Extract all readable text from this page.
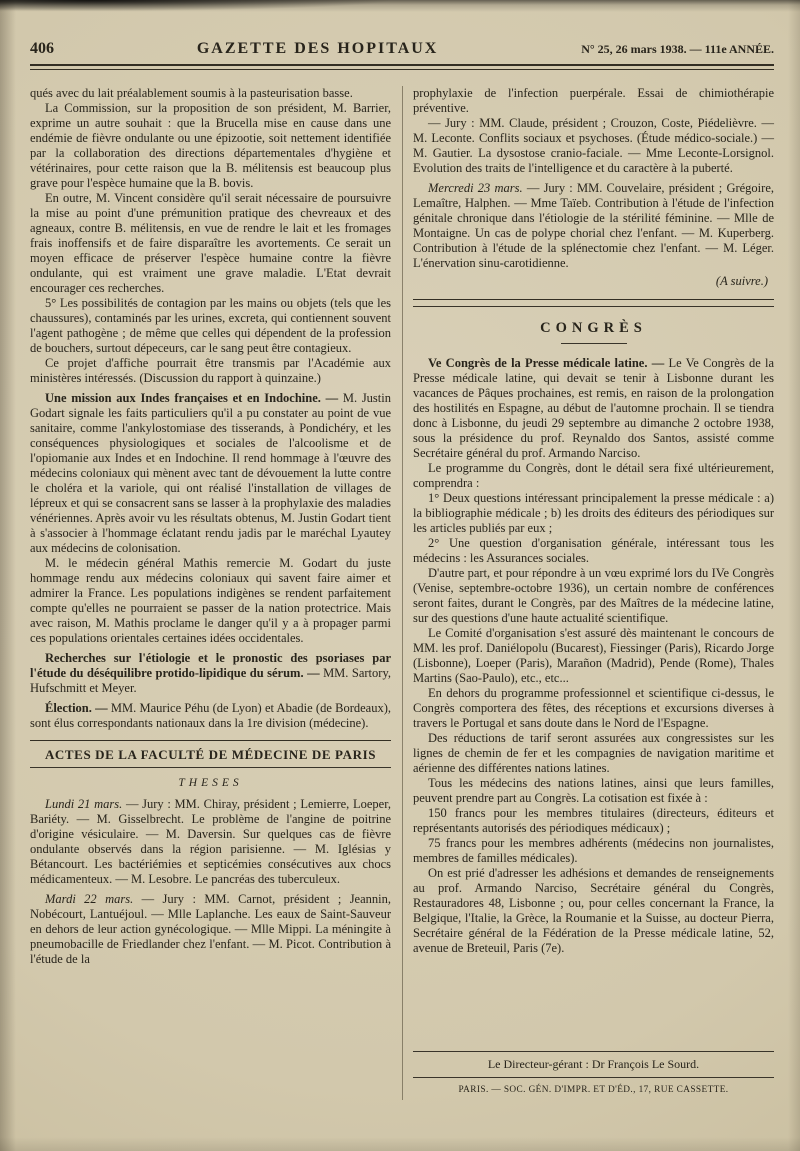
406	GAZETTE DES HOPITAUX	N° 25, 26 mars 1938. — 111e ANNÉE.

qués avec du lait préalablement soumis à la pasteurisation basse.

La Commission, sur la proposition de son président, M. Barrier, exprime un autre souhait : que la Brucella mise en cause dans une endémie de fièvre ondulante ou une épizootie, soit nettement identifiée par la collaboration des directions départementales d'hygiène et vétérinaires, pour cette raison que la B. mélitensis est beaucoup plus grave pour l'espèce humaine que la B. bovis.

En outre, M. Vincent considère qu'il serait nécessaire de poursuivre la mise au point d'une prémunition pratique des chevreaux et des agneaux, contre B. mélitensis, en vue de rendre le lait et les fromages frais inoffensifs et de faire disparaître les avortements. Ce serait un moyen efficace de préserver l'espèce humaine contre la fièvre ondulante, qui est vraiment une grave maladie. L'Etat devrait encourager ces recherches.

5° Les possibilités de contagion par les mains ou objets (tels que les chaussures), contaminés par les urines, excreta, qui contiennent souvent l'agent pathogène ; de même que celles qui dépendent de la profession de bouchers, surtout dépeceurs, car le sang peut être contagieux.

Ce projet d'affiche pourrait être transmis par l'Académie aux ministères intéressés. (Discussion du rapport à quinzaine.)

Une mission aux Indes françaises et en Indochine. — M. Justin Godart signale les faits particuliers qu'il a pu constater au point de vue sanitaire, comme l'ankylostomiase des tisserands, à Pondichéry, et les conséquences physiologiques et sociales de l'alcoolisme et de l'opiomanie aux Indes et en Indochine. Il rend hommage à l'œuvre des médecins coloniaux qui mènent avec tant de dévouement la lutte contre le choléra et la variole, qui ont réalisé l'installation de villages de lépreux et qui se consacrent sans se lasser à la prophylaxie des maladies vénériennes. Après avoir vu les résultats obtenus, M. Justin Godart tient à s'associer à l'hommage éclatant rendu jadis par le maréchal Lyautey aux médecins de colonisation.

M. le médecin général Mathis remercie M. Godart du juste hommage rendu aux médecins coloniaux qui savent faire aimer et admirer la France. Les populations indigènes se rendent parfaitement compte qu'elles ne pourraient se passer de la nation protectrice. Mais avec raison, M. Mathis proclame le danger qu'il y a à propager parmi ces populations orientales certaines idées occidentales.

Recherches sur l'étiologie et le pronostic des psoriases par l'étude du déséquilibre protido-lipidique du sérum. — MM. Sartory, Hufschmitt et Meyer.

Élection. — MM. Maurice Péhu (de Lyon) et Abadie (de Bordeaux), sont élus correspondants nationaux dans la 1re division (médecine).

ACTES DE LA FACULTÉ DE MÉDECINE DE PARIS
THESES

Lundi 21 mars. — Jury : MM. Chiray, président ; Lemierre, Loeper, Bariéty. — M. Gisselbrecht. Le problème de l'angine de poitrine d'origine vésiculaire. — M. Daversin. Sur quelques cas de fièvre ondulante observés dans la région parisienne. — M. Iglésias y Bétancourt. Les bactériémies et septicémies consécutives aux chocs médicamenteux. — M. Lesobre. Le pancréas des tuberculeux.

Mardi 22 mars. — Jury : MM. Carnot, président ; Jeannin, Nobécourt, Lantuéjoul. — Mlle Laplanche. Les eaux de Saint-Sauveur en dehors de leur action gynécologique. — Mlle Mippi. La méningite à pneumobacille de Friedlander chez l'enfant. — M. Picot. Contribution à l'étude de la

prophylaxie de l'infection puerpérale. Essai de chimiothérapie préventive.

— Jury : MM. Claude, président ; Crouzon, Coste, Piédelièvre. — M. Leconte. Conflits sociaux et psychoses. (Étude médico-sociale.) — M. Gautier. La dysostose cranio-faciale. — Mme Leconte-Lorsignol. Evolution des traits de l'intelligence et du caractère à la puberté.

Mercredi 23 mars. — Jury : MM. Couvelaire, président ; Grégoire, Lemaître, Halphen. — Mme Taïeb. Contribution à l'étude de l'infection génitale chronique dans l'étiologie de la stérilité féminine. — Mlle de Montaigne. Un cas de polype chorial chez l'enfant. — M. Kuperberg. Contribution à l'étude de la splénectomie chez l'enfant. — M. Léger. L'énervation sinu-carotidienne.

(A suivre.)

CONGRÈS

Ve Congrès de la Presse médicale latine. — Le Ve Congrès de la Presse médicale latine, qui devait se tenir à Lisbonne durant les vacances de Pâques prochaines, est remis, en raison de la prolongation des hostilités en Espagne, au début de l'automne prochain. Il se tiendra donc à Lisbonne, du jeudi 29 septembre au dimanche 2 octobre 1938, sous la présidence du prof. Reynaldo dos Santos, assisté comme Secrétaire général du prof. Armando Narciso.

Le programme du Congrès, dont le détail sera fixé ultérieurement, comprendra :

1° Deux questions intéressant principalement la presse médicale : a) la bibliographie médicale ; b) les droits des éditeurs des périodiques sur les articles publiés par eux ;

2° Une question d'organisation générale, intéressant tous les médecins : les Assurances sociales.

D'autre part, et pour répondre à un vœu exprimé lors du IVe Congrès (Venise, septembre-octobre 1936), un certain nombre de conférences seront faites, durant le Congrès, par des Maîtres de la médecine latine, sur des questions d'une haute actualité scientifique.

Le Comité d'organisation s'est assuré dès maintenant le concours de MM. les prof. Daniélopolu (Bucarest), Fiessinger (Paris), Ricardo Jorge (Lisbonne), Loeper (Paris), Marañon (Madrid), Pende (Rome), Thales Martins (Sao-Paulo), etc., etc...

En dehors du programme professionnel et scientifique ci-dessus, le Congrès comportera des fêtes, des réceptions et excursions diverses à travers le Portugal et sans doute dans le Nord de l'Espagne.

Des réductions de tarif seront assurées aux congressistes sur les lignes de chemin de fer et les compagnies de navigation maritime et aérienne des différentes nations latines.

Tous les médecins des nations latines, ainsi que leurs familles, peuvent prendre part au Congrès. La cotisation est fixée à :

150 francs pour les membres titulaires (directeurs, éditeurs et représentants autorisés des périodiques médicaux) ;

75 francs pour les membres adhérents (médecins non journalistes, membres de familles médicales).

On est prié d'adresser les adhésions et demandes de renseignements au prof. Armando Narciso, Secrétaire général du Congrès, Restauradores 48, Lisbonne ; ou, pour celles concernant la France, la Belgique, l'Italie, la Grèce, la Roumanie et la Suisse, au docteur Pierra, Secrétaire général de la Fédération de la Presse médicale latine, 52, avenue de Breteuil, Paris (7e).

Le Directeur-gérant : Dr François Le Sourd.

PARIS. — SOC. GÉN. D'IMPR. ET D'ÉD., 17, RUE CASSETTE.
